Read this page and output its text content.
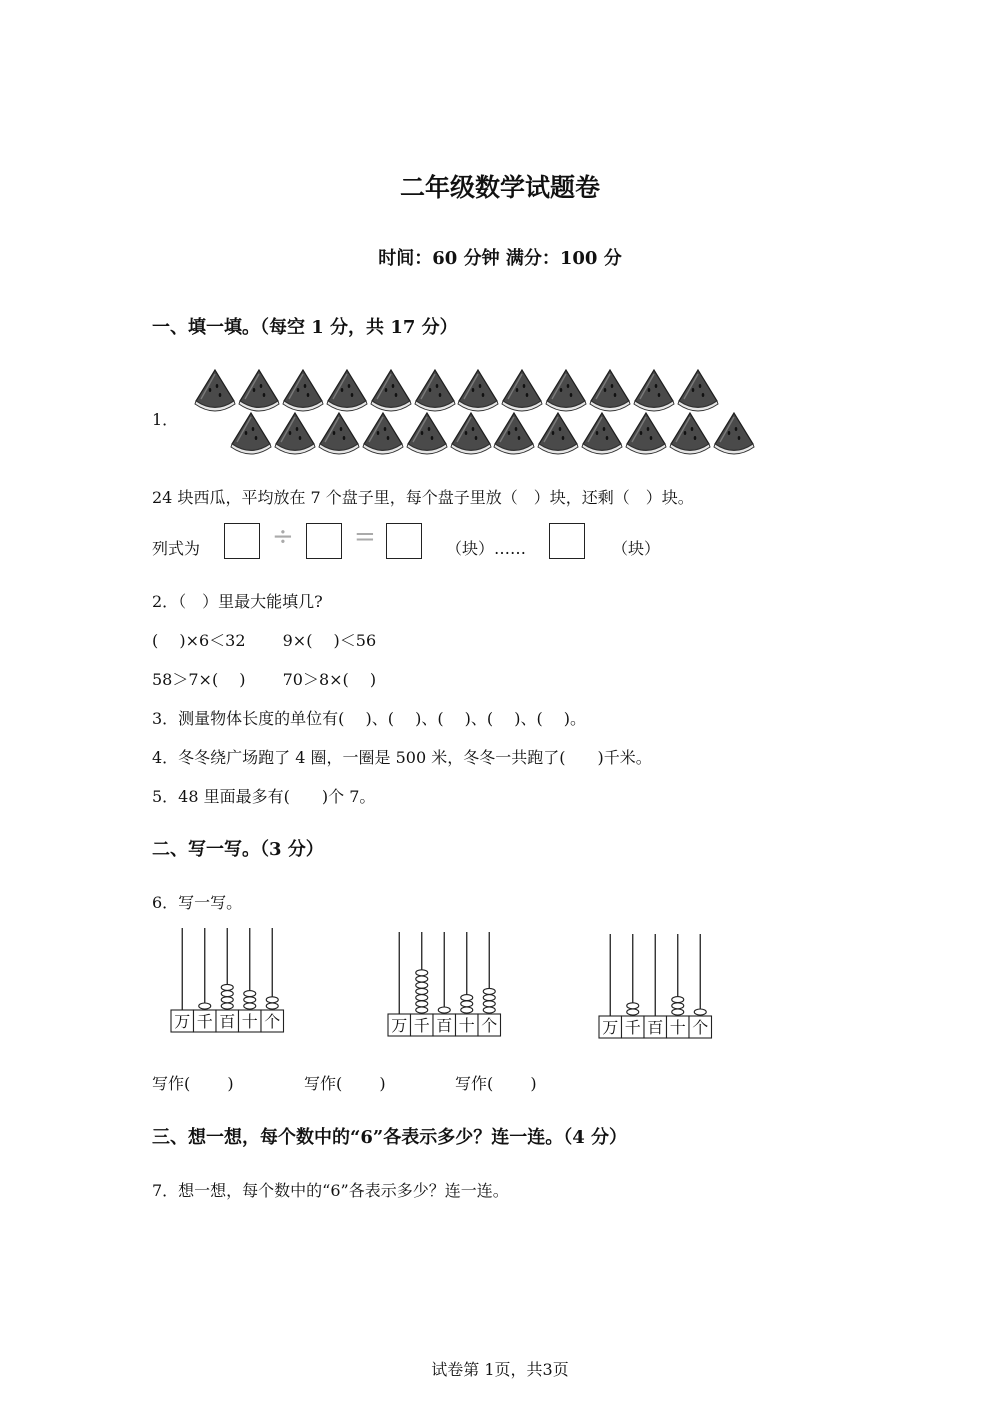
二年级数学试题卷
时间：60 分钟 满分：100 分
一、填一填。（每空 1 分，共 17 分）
1．
24 块西瓜，平均放在 7 个盘子里，每个盘子里放（　）块，还剩（　）块。
列式为	÷ =	（块）……	（块）
2．（　）里最大能填几?
(　 )×6＜32　　 9×(　 )＜56
58＞7×(　 )　　 70＞8×(　 )
3．测量物体长度的单位有(　 )、(　 )、(　 )、(　 )、(　 )。
4．冬冬绕广场跑了 4 圈，一圈是 500 米，冬冬一共跑了(　　)千米。
5．48 里面最多有(　　)个 7。
二、写一写。（3 分）
6．写一写。
万 千 百 十 个	万 千 百 十 个	万 千 百 十 个
写作(　　 )	写作(　　 )	写作(　　 )
三、想一想，每个数中的“6”各表示多少？连一连。（4 分）
7．想一想，每个数中的“6”各表示多少？连一连。
试卷第 1页，共3页
